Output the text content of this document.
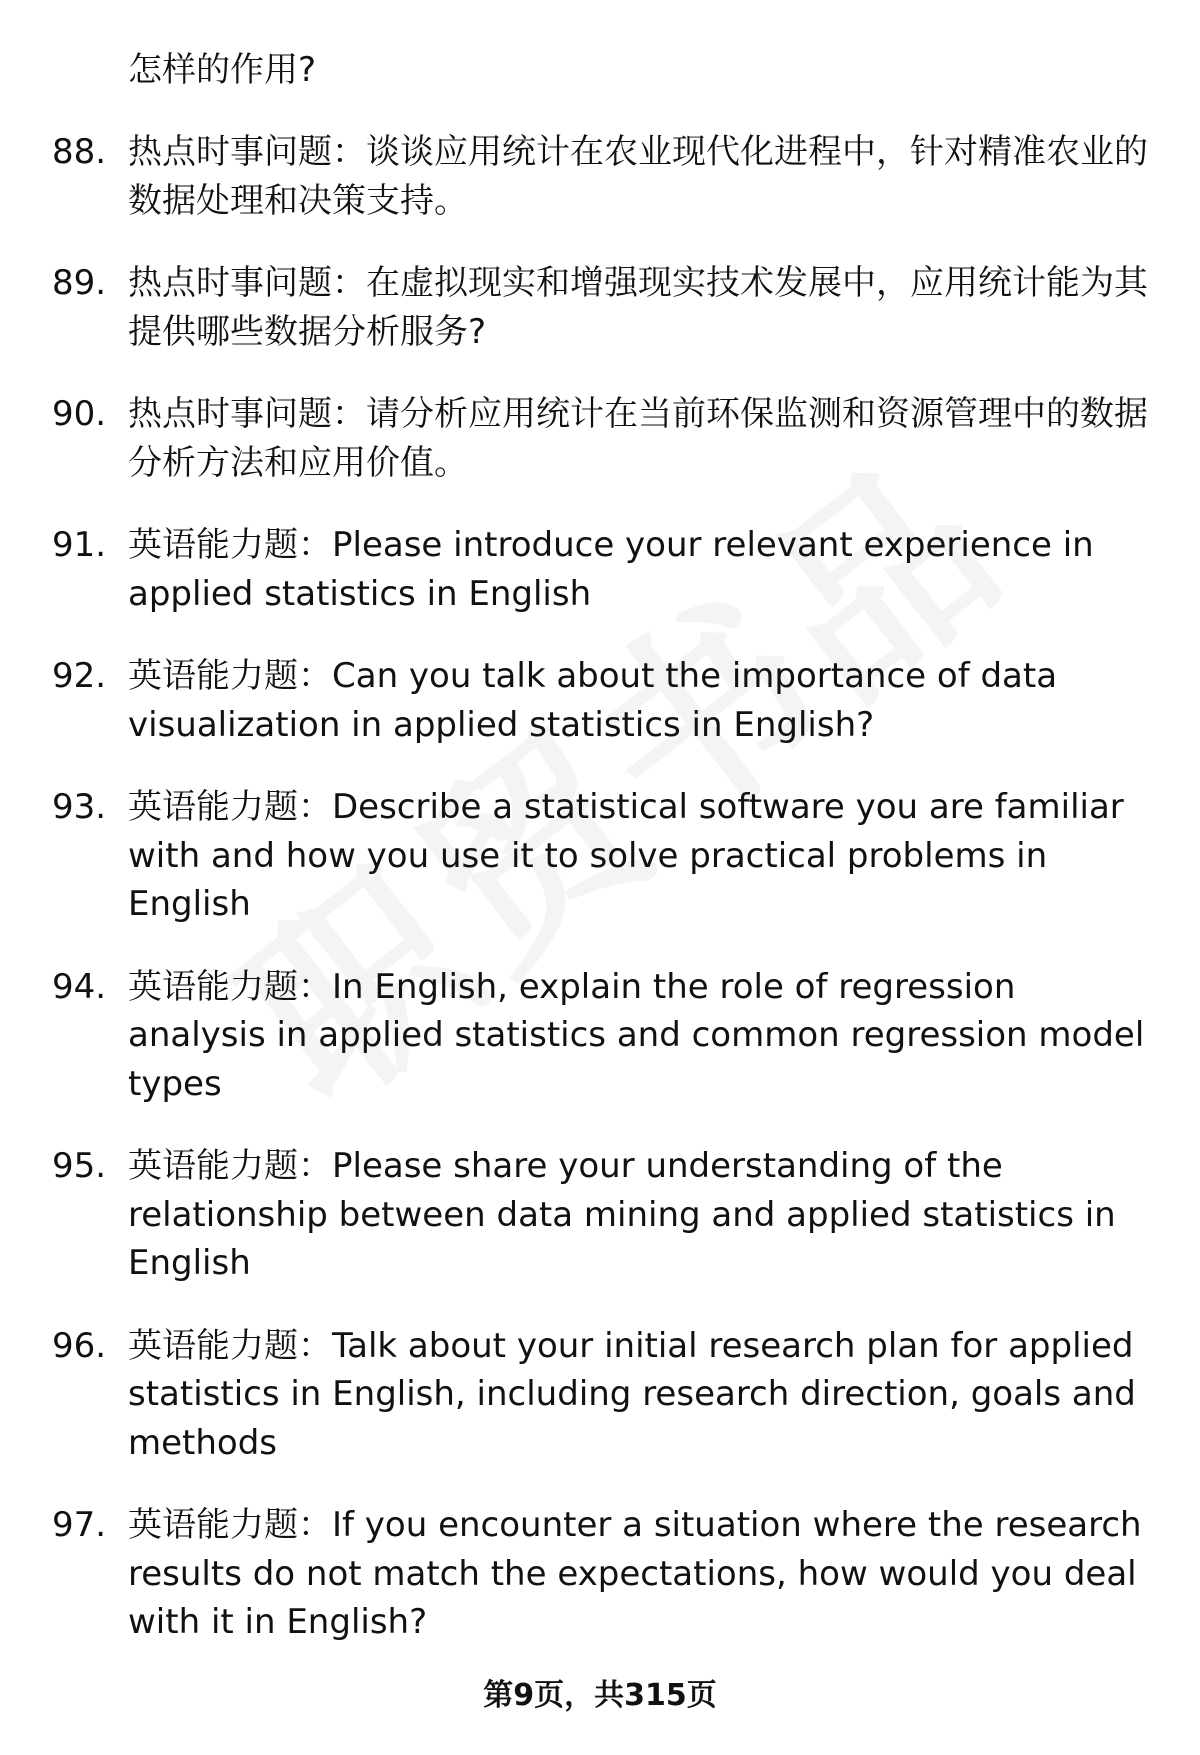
怎样的作用?
88. 热点时事问题：谈谈应用统计在农业现代化进程中，针对精准农业的数据处理和决策支持。
89. 热点时事问题：在虚拟现实和增强现实技术发展中，应用统计能为其提供哪些数据分析服务?
90. 热点时事问题：请分析应用统计在当前环保监测和资源管理中的数据分析方法和应用价值。
91. 英语能力题：Please introduce your relevant experience in applied statistics in English
92. 英语能力题：Can you talk about the importance of data visualization in applied statistics in English?
93. 英语能力题：Describe a statistical software you are familiar with and how you use it to solve practical problems in English
94. 英语能力题：In English, explain the role of regression analysis in applied statistics and common regression model types
95. 英语能力题：Please share your understanding of the relationship between data mining and applied statistics in English
96. 英语能力题：Talk about your initial research plan for applied statistics in English, including research direction, goals and methods
97. 英语能力题：If you encounter a situation where the research results do not match the expectations, how would you deal with it in English?
第9页，共315页
